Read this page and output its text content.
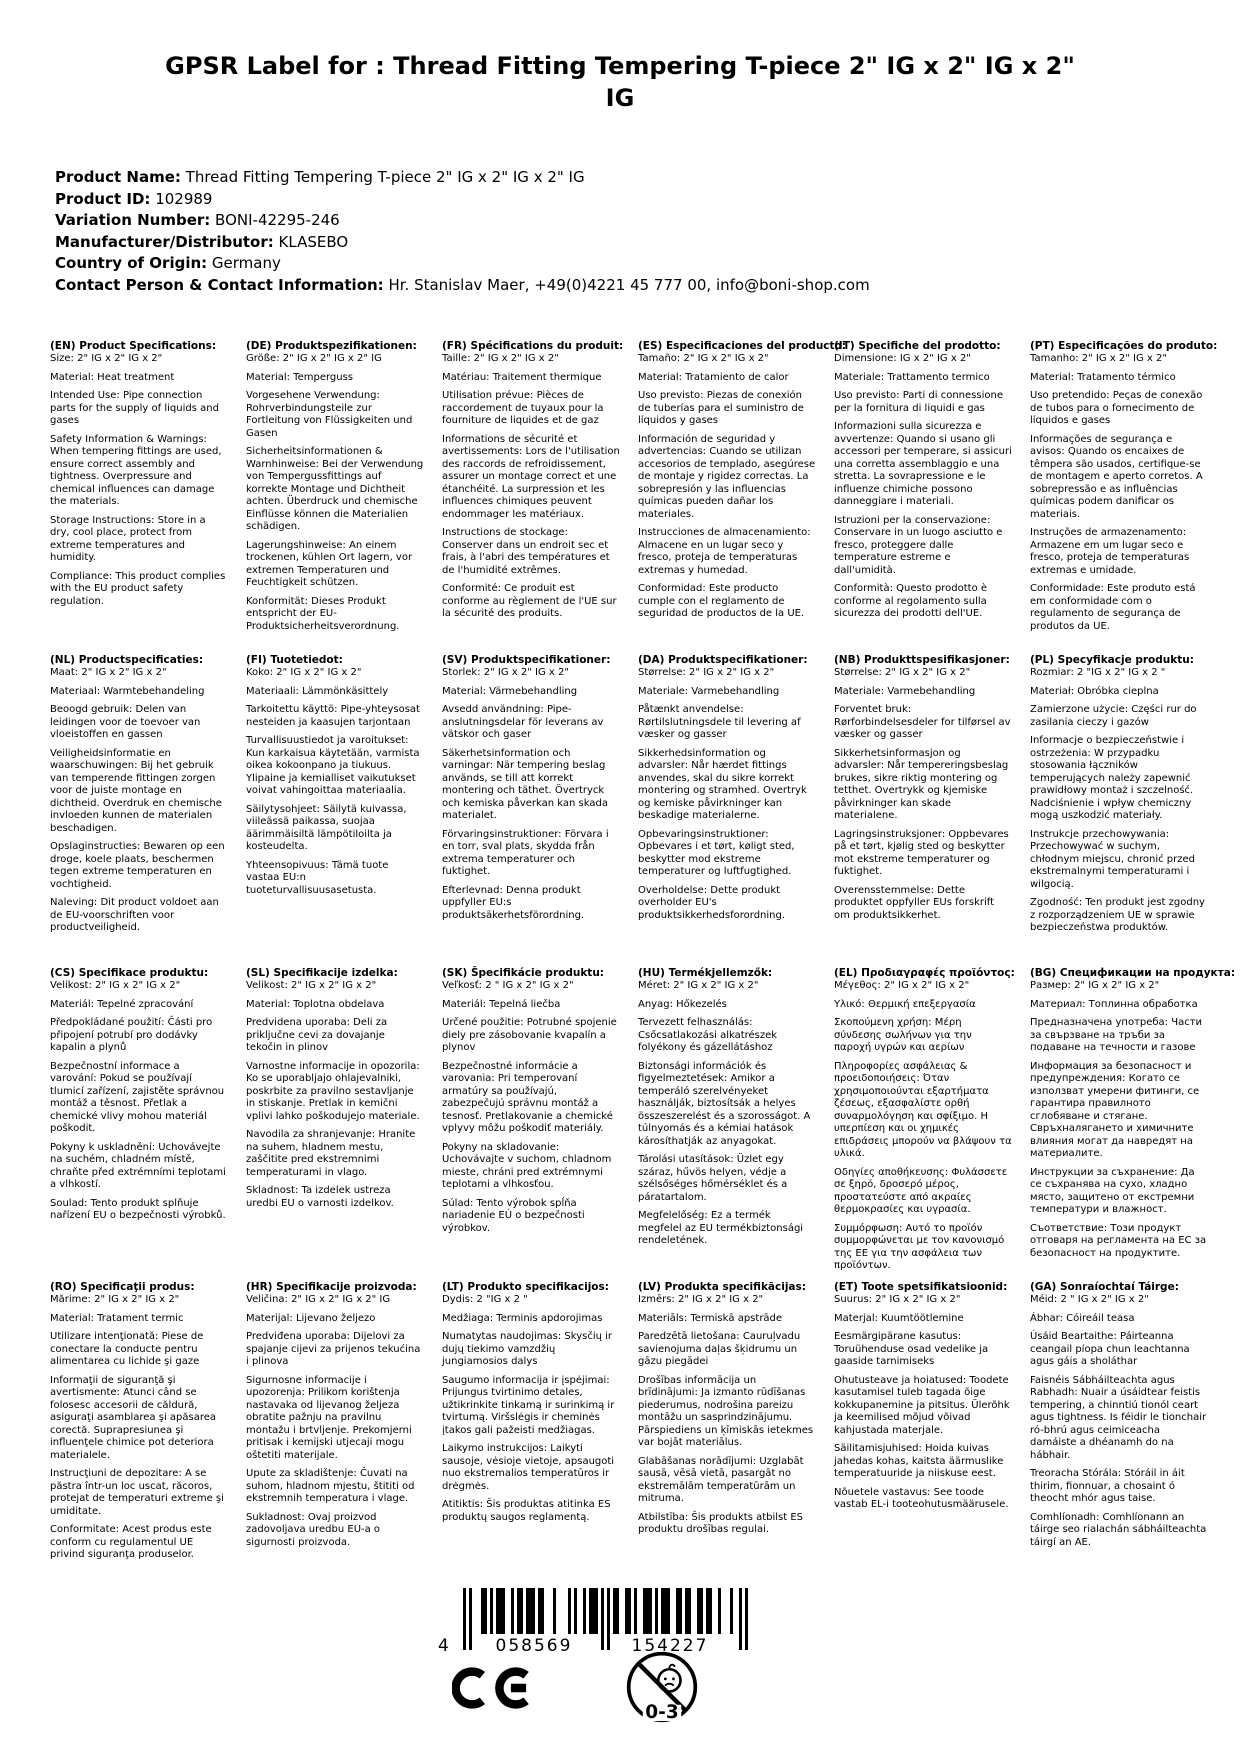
GPSR Label for : Thread Fitting Tempering T-piece 2" IG x 2" IG x 2" IG
Product Name: Thread Fitting Tempering T-piece 2" IG x 2" IG x 2" IG
Product ID: 102989
Variation Number: BONI-42295-246
Manufacturer/Distributor: KLASEBO
Country of Origin: Germany
Contact Person & Contact Information: Hr. Stanislav Maer, +49(0)4221 45 777 00, info@boni-shop.com
(EN) Product Specifications:

Size: 2" IG x 2" IG x 2"

Material: Heat treatment

Intended Use: Pipe connection parts for the supply of liquids and gases

Safety Information & Warnings: When tempering fittings are used, ensure correct assembly and tightness. Overpressure and chemical influences can damage the materials.

Storage Instructions: Store in a dry, cool place, protect from extreme temperatures and humidity.

Compliance: This product complies with the EU product safety regulation.

(DE) Produktspezifikationen:

Größe: 2" IG x 2" IG x 2" IG

Material: Temperguss

Vorgesehene Verwendung: Rohrverbindungsteile zur Fortleitung von Flüssigkeiten und Gasen

Sicherheitsinformationen & Warnhinweise: Bei der Verwendung von Tempergussfittings auf korrekte Montage und Dichtheit achten. Überdruck und chemische Einflüsse können die Materialien schädigen.

Lagerungshinweise: An einem trockenen, kühlen Ort lagern, vor extremen Temperaturen und Feuchtigkeit schützen.

Konformität: Dieses Produkt entspricht der EU-Produktsicherheitsverordnung.

(FR) Spécifications du produit:

Taille: 2" IG x 2" IG x 2"

Matériau: Traitement thermique

Utilisation prévue: Pièces de raccordement de tuyaux pour la fourniture de liquides et de gaz

Informations de sécurité et avertissements: Lors de l'utilisation des raccords de refroidissement, assurer un montage correct et une étanchéité. La surpression et les influences chimiques peuvent endommager les matériaux.

Instructions de stockage: Conserver dans un endroit sec et frais, à l'abri des températures et de l'humidité extrêmes.

Conformité: Ce produit est conforme au règlement de l'UE sur la sécurité des produits.

(ES) Especificaciones del producto:

Tamaño: 2" IG x 2" IG x 2"

Material: Tratamiento de calor

Uso previsto: Piezas de conexión de tuberías para el suministro de líquidos y gases

Información de seguridad y advertencias: Cuando se utilizan accesorios de templado, asegúrese de montaje y rigidez correctas. La sobrepresión y las influencias químicas pueden dañar los materiales.

Instrucciones de almacenamiento: Almacene en un lugar seco y fresco, proteja de temperaturas extremas y humedad.

Conformidad: Este producto cumple con el reglamento de seguridad de productos de la UE.

(IT) Specifiche del prodotto:

Dimensione: IG x 2" IG x 2"

Materiale: Trattamento termico

Uso previsto: Parti di connessione per la fornitura di liquidi e gas

Informazioni sulla sicurezza e avvertenze: Quando si usano gli accessori per temperare, si assicuri una corretta assemblaggio e una stretta. La sovrapressione e le influenze chimiche possono danneggiare i materiali.

Istruzioni per la conservazione: Conservare in un luogo asciutto e fresco, proteggere dalle temperature estreme e dall'umidità.

Conformità: Questo prodotto è conforme al regolamento sulla sicurezza dei prodotti dell'UE.

(PT) Especificações do produto:

Tamanho: 2" IG x 2" IG x 2"

Material: Tratamento térmico

Uso pretendido: Peças de conexão de tubos para o fornecimento de líquidos e gases

Informações de segurança e avisos: Quando os encaixes de têmpera são usados, certifique-se de montagem e aperto corretos. A sobrepressão e as influências químicas podem danificar os materiais.

Instruções de armazenamento: Armazene em um lugar seco e fresco, proteja de temperaturas extremas e umidade.

Conformidade: Este produto está em conformidade com o regulamento de segurança de produtos da UE.

(NL) Productspecificaties:

Maat: 2" IG x 2" IG x 2"

Materiaal: Warmtebehandeling

Beoogd gebruik: Delen van leidingen voor de toevoer van vloeistoffen en gassen

Veiligheidsinformatie en waarschuwingen: Bij het gebruik van temperende fittingen zorgen voor de juiste montage en dichtheid. Overdruk en chemische invloeden kunnen de materialen beschadigen.

Opslaginstructies: Bewaren op een droge, koele plaats, beschermen tegen extreme temperaturen en vochtigheid.

Naleving: Dit product voldoet aan de EU-voorschriften voor productveiligheid.

(FI) Tuotetiedot:

Koko: 2" IG x 2" IG x 2"

Materiaali: Lämmönkäsittely

Tarkoitettu käyttö: Pipe-yhteysosat nesteiden ja kaasujen tarjontaan

Turvallisuustiedot ja varoitukset: Kun karkaisua käytetään, varmista oikea kokoonpano ja tiukuus. Ylipaine ja kemialliset vaikutukset voivat vahingoittaa materiaalia.

Säilytysohjeet: Säilytä kuivassa, viileässä paikassa, suojaa äärimmäisiltä lämpötiloilta ja kosteudelta.

Yhteensopivuus: Tämä tuote vastaa EU:n tuoteturvallisuusasetusta.

(SV) Produktspecifikationer:

Storlek: 2" IG x 2" IG x 2"

Material: Värmebehandling

Avsedd användning: Pipe-anslutningsdelar för leverans av vätskor och gaser

Säkerhetsinformation och varningar: När tempering beslag används, se till att korrekt montering och täthet. Övertryck och kemiska påverkan kan skada materialet.

Förvaringsinstruktioner: Förvara i en torr, sval plats, skydda från extrema temperaturer och fuktighet.

Efterlevnad: Denna produkt uppfyller EU:s produktsäkerhetsförordning.

(DA) Produktspecifikationer:

Størrelse: 2" IG x 2" IG x 2"

Materiale: Varmebehandling

Påtænkt anvendelse: Rørtilslutningsdele til levering af væsker og gasser

Sikkerhedsinformation og advarsler: Når hærdet fittings anvendes, skal du sikre korrekt montering og stramhed. Overtryk og kemiske påvirkninger kan beskadige materialerne.

Opbevaringsinstruktioner: Opbevares i et tørt, køligt sted, beskytter mod ekstreme temperaturer og luftfugtighed.

Overholdelse: Dette produkt overholder EU's produktsikkerhedsforordning.

(NB) Produkttspesifikasjoner:

Størrelse: 2" IG x 2" IG x 2"

Materiale: Varmebehandling

Forventet bruk: Rørforbindelsesdeler for tilførsel av væsker og gasser

Sikkerhetsinformasjon og advarsler: Når tempereringsbeslag brukes, sikre riktig montering og tetthet. Overtrykk og kjemiske påvirkninger kan skade materialene.

Lagringsinstruksjoner: Oppbevares på et tørt, kjølig sted og beskytter mot ekstreme temperaturer og fuktighet.

Overensstemmelse: Dette produktet oppfyller EUs forskrift om produktsikkerhet.

(PL) Specyfikacje produktu:

Rozmiar: 2 "IG x 2" IG x 2 "

Materiał: Obróbka cieplna

Zamierzone użycie: Części rur do zasilania cieczy i gazów

Informacje o bezpieczeństwie i ostrzeżenia: W przypadku stosowania łączników temperujących należy zapewnić prawidłowy montaż i szczelność. Nadciśnienie i wpływ chemiczny mogą uszkodzić materiały.

Instrukcje przechowywania: Przechowywać w suchym, chłodnym miejscu, chronić przed ekstremalnymi temperaturami i wilgocią.

Zgodność: Ten produkt jest zgodny z rozporządzeniem UE w sprawie bezpieczeństwa produktów.

(CS) Specifikace produktu:

Velikost: 2" IG x 2" IG x 2"

Materiál: Tepelné zpracování

Předpokládané použití: Části pro připojení potrubí pro dodávky kapalin a plynů

Bezpečnostní informace a varování: Pokud se používají tlumicí zařízení, zajistěte správnou montáž a těsnost. Přetlak a chemické vlivy mohou materiál poškodit.

Pokyny k uskladnění: Uchovávejte na suchém, chladném místě, chraňte před extrémními teplotami a vlhkostí.

Soulad: Tento produkt splňuje nařízení EU o bezpečnosti výrobků.

(SL) Specifikacije izdelka:

Velikost: 2" IG x 2" IG x 2"

Material: Toplotna obdelava

Predvidena uporaba: Deli za priključne cevi za dovajanje tekočin in plinov

Varnostne informacije in opozorila: Ko se uporabljajo ohlajevalniki, poskrbite za pravilno sestavljanje in stiskanje. Pretlak in kemični vplivi lahko poškodujejo materiale.

Navodila za shranjevanje: Hranite na suhem, hladnem mestu, zaščitite pred ekstremnimi temperaturami in vlago.

Skladnost: Ta izdelek ustreza uredbi EU o varnosti izdelkov.

(SK) Špecifikácie produktu:

Veľkosť: 2 " IG x 2" IG x 2"

Materiál: Tepelná liečba

Určené použitie: Potrubné spojenie diely pre zásobovanie kvapalín a plynov

Bezpečnostné informácie a varovania: Pri temperovaní armatúry sa používajú, zabezpečujú správnu montáž a tesnosť. Pretlakovanie a chemické vplyvy môžu poškodiť materiály.

Pokyny na skladovanie: Uchovávajte v suchom, chladnom mieste, chráni pred extrémnymi teplotami a vlhkosťou.

Súlad: Tento výrobok spĺňa nariadenie EÚ o bezpečnosti výrobkov.

(HU) Termékjellemzők:

Méret: 2" IG x 2" IG x 2"

Anyag: Hőkezelés

Tervezett felhasználás: Csőcsatlakozási alkatrészek folyékony és gázellátáshoz

Biztonsági információk és figyelmeztetések: Amikor a temperáló szerelvényeket használják, biztosítsák a helyes összeszerelést és a szorosságot. A túlnyomás és a kémiai hatások károsíthatják az anyagokat.

Tárolási utasítások: Üzlet egy száraz, hűvös helyen, védje a szélsőséges hőmérséklet és a páratartalom.

Megfelelőség: Ez a termék megfelel az EU termékbiztonsági rendeletének.

(EL) Προδιαγραφές προϊόντος:

Μέγεθος: 2" IG x 2" IG x 2"

Υλικό: Θερμική επεξεργασία

Σκοπούμενη χρήση: Μέρη σύνδεσης σωλήνων για την παροχή υγρών και αερίων

Πληροφορίες ασφάλειας & προειδοποιήσεις: Όταν χρησιμοποιούνται εξαρτήματα ζέσεως, εξασφαλίστε ορθή συναρμολόγηση και σφίξιμο. Η υπερπίεση και οι χημικές επιδράσεις μπορούν να βλάψουν τα υλικά.

Οδηγίες αποθήκευσης: Φυλάσσετε σε ξηρό, δροσερό μέρος, προστατεύστε από ακραίες θερμοκρασίες και υγρασία.

Συμμόρφωση: Αυτό το προϊόν συμμορφώνεται με τον κανονισμό της ΕΕ για την ασφάλεια των προϊόντων.

(BG) Спецификации на продукта:

Размер: 2" IG x 2" IG x 2"

Материал: Топлинна обработка

Предназначена употреба: Части за свързване на тръби за подаване на течности и газове

Информация за безопасност и предупреждения: Когато се използват умерени фитинги, се гарантира правилното сглобяване и стягане. Свръхналягането и химичните влияния могат да навредят на материалите.

Инструкции за съхранение: Да се съхранява на сухо, хладно място, защитено от екстремни температури и влажност.

Съответствие: Този продукт отговаря на регламента на ЕС за безопасност на продуктите.

(RO) Specificaţii produs:

Mărime: 2" IG x 2" IG x 2"

Material: Tratament termic

Utilizare intenţionată: Piese de conectare la conducte pentru alimentarea cu lichide şi gaze

Informaţii de siguranţă şi avertismente: Atunci când se folosesc accesorii de căldură, asiguraţi asamblarea şi apăsarea corectă. Suprapresiunea şi influenţele chimice pot deteriora materialele.

Instrucţiuni de depozitare: A se păstra într-un loc uscat, răcoros, protejat de temperaturi extreme şi umiditate.

Conformitate: Acest produs este conform cu regulamentul UE privind siguranţa produselor.

(HR) Specifikacije proizvoda:

Veličina: 2" IG x 2" IG x 2" IG

Materijal: Lijevano željezo

Predviđena uporaba: Dijelovi za spajanje cijevi za prijenos tekućina i plinova

Sigurnosne informacije i upozorenja: Prilikom korištenja nastavaka od lijevanog željeza obratite pažnju na pravilnu montažu i brtvljenje. Prekomjerni pritisak i kemijski utjecaji mogu oštetiti materijale.

Upute za skladištenje: Čuvati na suhom, hladnom mjestu, štititi od ekstremnih temperatura i vlage.

Sukladnost: Ovaj proizvod zadovoljava uredbu EU-a o sigurnosti proizvoda.

(LT) Produkto specifikacijos:

Dydis: 2 "IG x 2 "

Medžiaga: Terminis apdorojimas

Numatytas naudojimas: Skysčių ir dujų tiekimo vamzdžių jungiamosios dalys

Saugumo informacija ir įspėjimai: Prijungus tvirtinimo detales, užtikrinkite tinkamą ir surinkimą ir tvirtumą. Viršslėgis ir cheminės įtakos gali pažeisti medžiagas.

Laikymo instrukcijos: Laikyti sausoje, vėsioje vietoje, apsaugoti nuo ekstremalios temperatūros ir drėgmės.

Atitiktis: Šis produktas atitinka ES produktų saugos reglamentą.

(LV) Produkta specifikācijas:

Izmērs: 2" IG x 2" IG x 2"

Materiāls: Termiskā apstrāde

Paredzētā lietošana: Cauruļvadu savienojuma daļas šķidrumu un gāzu piegādei

Drošības informācija un brīdinājumi: Ja izmanto rūdīšanas piederumus, nodrošina pareizu montāžu un sasprindzinājumu. Pārspiediens un ķīmiskās ietekmes var bojāt materiālus.

Glabāšanas norādījumi: Uzglabāt sausā, vēsā vietā, pasargāt no ekstremālām temperatūrām un mitruma.

Atbilstība: Šis produkts atbilst ES produktu drošības regulai.

(ET) Toote spetsifikatsioonid:

Suurus: 2" IG x 2" IG x 2"

Materjal: Kuumtöötlemine

Eesmärgipärane kasutus: Toruühenduse osad vedelike ja gaaside tarnimiseks

Ohutusteave ja hoiatused: Toodete kasutamisel tuleb tagada õige kokkupanemine ja pitsitus. Ülerõhk ja keemilised mõjud võivad kahjustada materjale.

Säilitamisjuhised: Hoida kuivas jahedas kohas, kaitsta äärmuslike temperatuuride ja niiskuse eest.

Nõuetele vastavus: See toode vastab EL-i tooteohutusmäärusele.

(GA) Sonraíochtaí Táirge:

Méid: 2 " IG x 2" IG x 2"

Ábhar: Cóireáil teasa

Úsáid Beartaithe: Páirteanna ceangail píopa chun leachtanna agus gáis a sholáthar

Faisnéis Sábháilteachta agus Rabhadh: Nuair a úsáidtear feistis tempering, a chinntiú tionól ceart agus tightness. Is féidir le tionchair ró-bhrú agus ceimiceacha damáiste a dhéanamh do na hábhair.

Treoracha Stórála: Stóráil in áit thirim, fionnuar, a chosaint ó theocht mhór agus taise.

Comhlíonadh: Comhlíonann an táirge seo rialachán sábháilteachta táirgí an AE.

4	058569	154227
0-3
